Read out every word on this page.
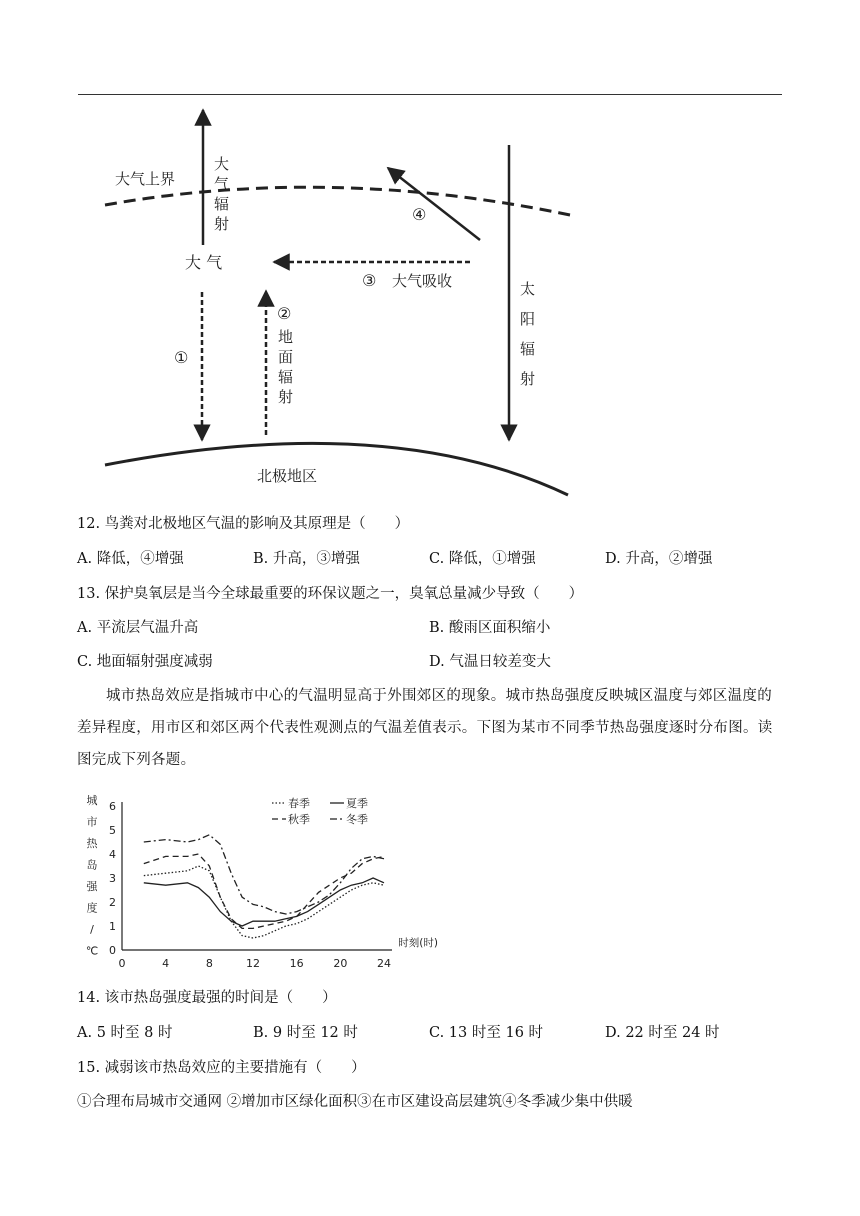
大气上界
大
气
辐
射
大 气
①
②
地
面
辐
射
③ 大气吸收
④
太
阳
辐
射
北极地区
12. 鸟粪对北极地区气温的影响及其原理是（　　）
A. 降低，④增强	B. 升高，③增强	C. 降低，①增强	D. 升高，②增强
13. 保护臭氧层是当今全球最重要的环保议题之一，臭氧总量减少导致（　　）
A. 平流层气温升高	B. 酸雨区面积缩小
C. 地面辐射强度减弱	D. 气温日较差变大
城市热岛效应是指城市中心的气温明显高于外围郊区的现象。城市热岛强度反映城区温度与郊区温度的差异程度，用市区和郊区两个代表性观测点的气温差值表示。下图为某市不同季节热岛强度逐时分布图。读图完成下列各题。
城
市
热
岛
强
度
/
℃ 0
1
2
3
4
5
6
0	4	8	12	16	20	24
时刻(时)
春季	夏季
秋季	冬季
14. 该市热岛强度最强的时间是（　　）
A. 5 时至 8 时	B. 9 时至 12 时	C. 13 时至 16 时	D. 22 时至 24 时
15. 减弱该市热岛效应的主要措施有（　　）
①合理布局城市交通网 ②增加市区绿化面积③在市区建设高层建筑④冬季减少集中供暖
